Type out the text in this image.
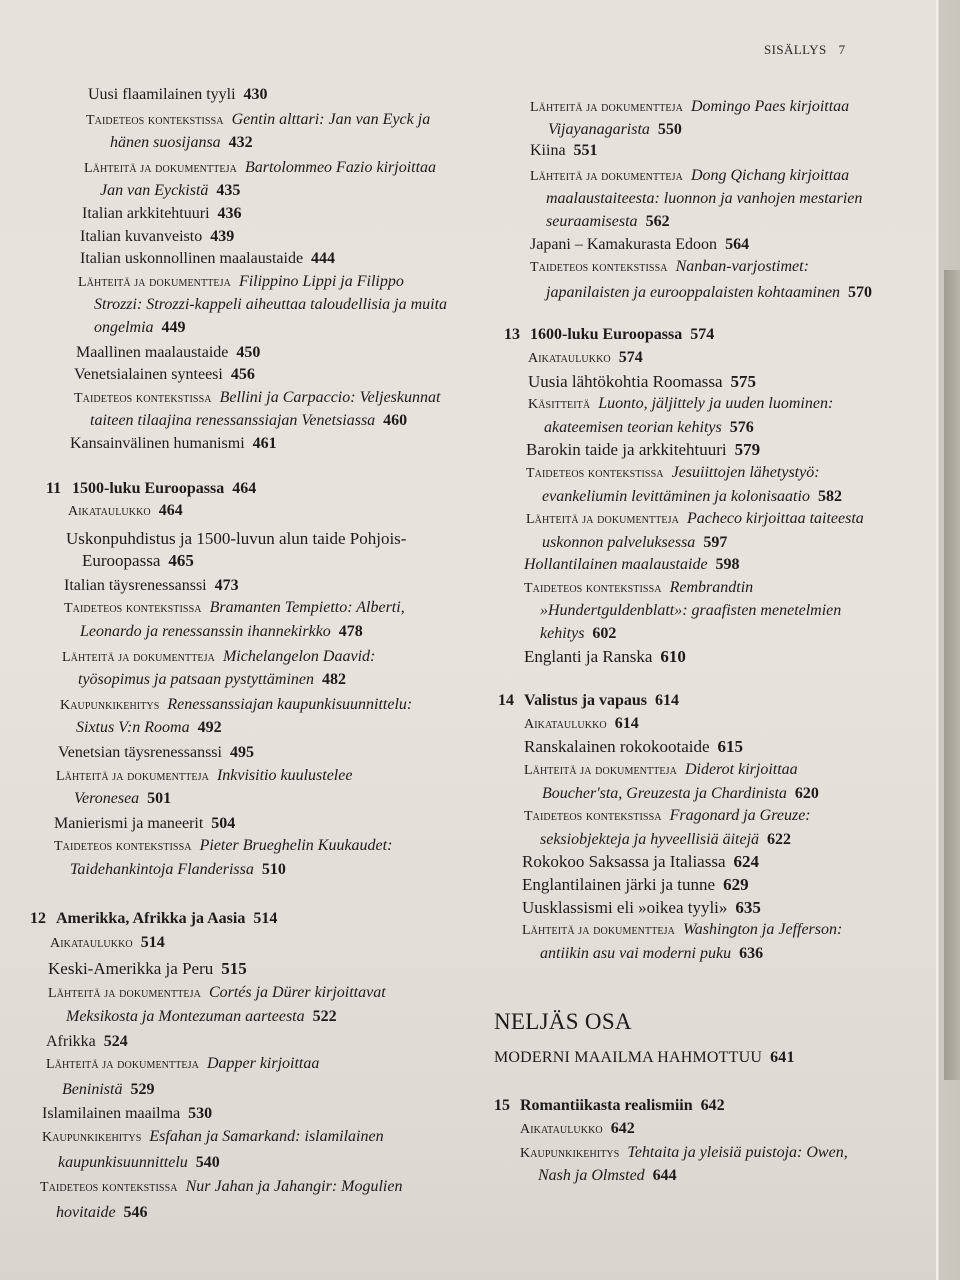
SISÄLLYS 7
Uusi flaamilainen tyyli 430
Taideteos kontekstissa Gentin alttari: Jan van Eyck ja
hänen suosijansa 432
Lähteitä ja dokumentteja Bartolommeo Fazio kirjoittaa
Jan van Eyckistä 435
Italian arkkitehtuuri 436
Italian kuvanveisto 439
Italian uskonnollinen maalaustaide 444
Lähteitä ja dokumentteja Filippino Lippi ja Filippo
Strozzi: Strozzi-kappeli aiheuttaa taloudellisia ja muita
ongelmia 449
Maallinen maalaustaide 450
Venetsialainen synteesi 456
Taideteos kontekstissa Bellini ja Carpaccio: Veljeskunnat
taiteen tilaajina renessanssiajan Venetsiassa 460
Kansainvälinen humanismi 461
11 1500-luku Euroopassa 464
Aikataulukko 464
Uskonpuhdistus ja 1500-luvun alun taide Pohjois-
Euroopassa 465
Italian täysrenessanssi 473
Taideteos kontekstissa Bramanten Tempietto: Alberti,
Leonardo ja renessanssin ihannekirkko 478
Lähteitä ja dokumentteja Michelangelon Daavid:
työsopimus ja patsaan pystyttäminen 482
Kaupunkikehitys Renessanssiajan kaupunkisuunnittelu:
Sixtus V:n Rooma 492
Venetsian täysrenessanssi 495
Lähteitä ja dokumentteja Inkvisitio kuulustelee
Veronesea 501
Manierismi ja maneerit 504
Taideteos kontekstissa Pieter Brueghelin Kuukaudet:
Taidehankintoja Flanderissa 510
12 Amerikka, Afrikka ja Aasia 514
Aikataulukko 514
Keski-Amerikka ja Peru 515
Lähteitä ja dokumentteja Cortés ja Dürer kirjoittavat
Meksikosta ja Montezuman aarteesta 522
Afrikka 524
Lähteitä ja dokumentteja Dapper kirjoittaa
Beninistä 529
Islamilainen maailma 530
Kaupunkikehitys Esfahan ja Samarkand: islamilainen
kaupunkisuunnittelu 540
Taideteos kontekstissa Nur Jahan ja Jahangir: Mogulien
hovitaide 546
Lähteitä ja dokumentteja Domingo Paes kirjoittaa
Vijayanagarista 550
Kiina 551
Lähteitä ja dokumentteja Dong Qichang kirjoittaa
maalaustaiteesta: luonnon ja vanhojen mestarien
seuraamisesta 562
Japani – Kamakurasta Edoon 564
Taideteos kontekstissa Nanban-varjostimet:
japanilaisten ja eurooppalaisten kohtaaminen 570
13 1600-luku Euroopassa 574
Aikataulukko 574
Uusia lähtökohtia Roomassa 575
Käsitteitä Luonto, jäljittely ja uuden luominen:
akateemisen teorian kehitys 576
Barokin taide ja arkkitehtuuri 579
Taideteos kontekstissa Jesuiittojen lähetystyö:
evankeliumin levittäminen ja kolonisaatio 582
Lähteitä ja dokumentteja Pacheco kirjoittaa taiteesta
uskonnon palveluksessa 597
Hollantilainen maalaustaide 598
Taideteos kontekstissa Rembrandtin
»Hundertguldenblatt»: graafisten menetelmien
kehitys 602
Englanti ja Ranska 610
14 Valistus ja vapaus 614
Aikataulukko 614
Ranskalainen rokokootaide 615
Lähteitä ja dokumentteja Diderot kirjoittaa
Boucher'sta, Greuzesta ja Chardinista 620
Taideteos kontekstissa Fragonard ja Greuze:
seksiobjekteja ja hyveellisiä äitejä 622
Rokokoo Saksassa ja Italiassa 624
Englantilainen järki ja tunne 629
Uusklassismi eli »oikea tyyli» 635
Lähteitä ja dokumentteja Washington ja Jefferson:
antiikin asu vai moderni puku 636
NELJÄS OSA
MODERNI MAAILMA HAHMOTTUU 641
15 Romantiikasta realismiin 642
Aikataulukko 642
Kaupunkikehitys Tehtaita ja yleisiä puistoja: Owen,
Nash ja Olmsted 644
